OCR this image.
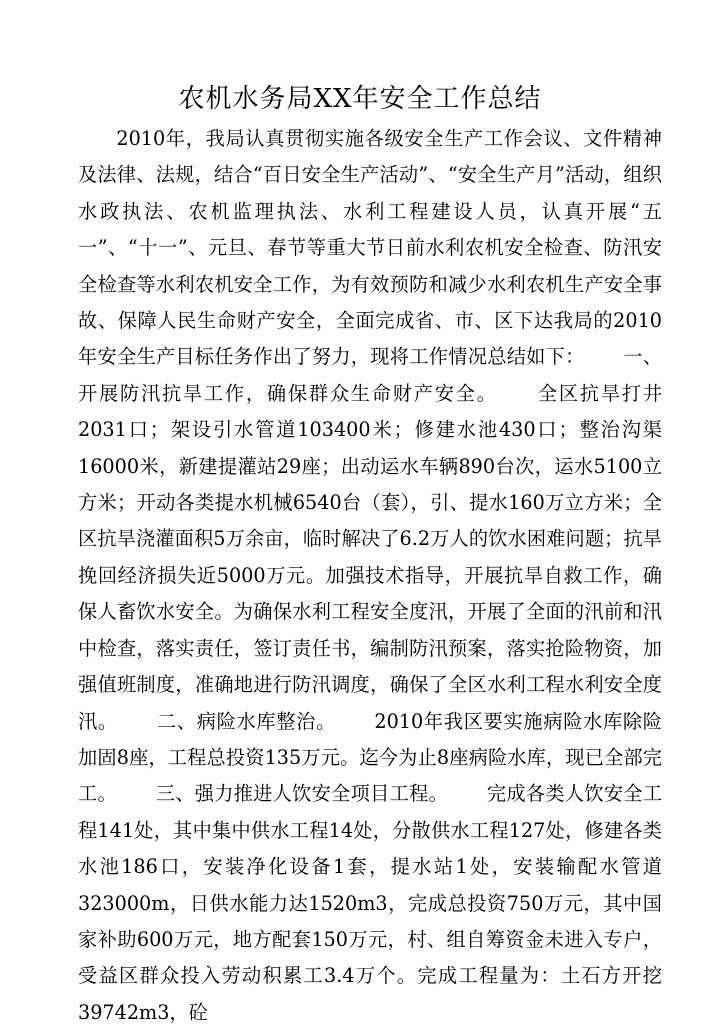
农机水务局XX年安全工作总结
2010年，我局认真贯彻实施各级安全生产工作会议、文件精神及法律、法规，结合“百日安全生产活动”、“安全生产月”活动，组织水政执法、农机监理执法、水利工程建设人员，认真开展“五一”、“十一”、元旦、春节等重大节日前水利农机安全检查、防汛安全检查等水利农机安全工作，为有效预防和减少水利农机生产安全事故、保障人民生命财产安全，全面完成省、市、区下达我局的2010年安全生产目标任务作出了努力，现将工作情况总结如下： 一、开展防汛抗旱工作，确保群众生命财产安全。 全区抗旱打井2031口；架设引水管道103400米；修建水池430口；整治沟渠16000米，新建提灌站29座；出动运水车辆890台次，运水5100立方米；开动各类提水机械6540台（套），引、提水160万立方米；全区抗旱浇灌面积5万余亩，临时解决了6.2万人的饮水困难问题；抗旱挽回经济损失近5000万元。加强技术指导，开展抗旱自救工作，确保人畜饮水安全。为确保水利工程安全度汛，开展了全面的汛前和汛中检查，落实责任，签订责任书，编制防汛预案，落实抢险物资，加强值班制度，准确地进行防汛调度，确保了全区水利工程水利安全度汛。 二、病险水库整治。 2010年我区要实施病险水库除险加固8座，工程总投资135万元。迄今为止8座病险水库，现已全部完工。 三、强力推进人饮安全项目工程。 完成各类人饮安全工程141处，其中集中供水工程14处，分散供水工程127处，修建各类水池186口，安装净化设备1套，提水站1处，安装输配水管道323000m，日供水能力达1520m3，完成总投资750万元，其中国家补助600万元，地方配套150万元，村、组自筹资金未进入专户，受益区群众投入劳动积累工3.4万个。完成工程量为：土石方开挖39742m3，砼
